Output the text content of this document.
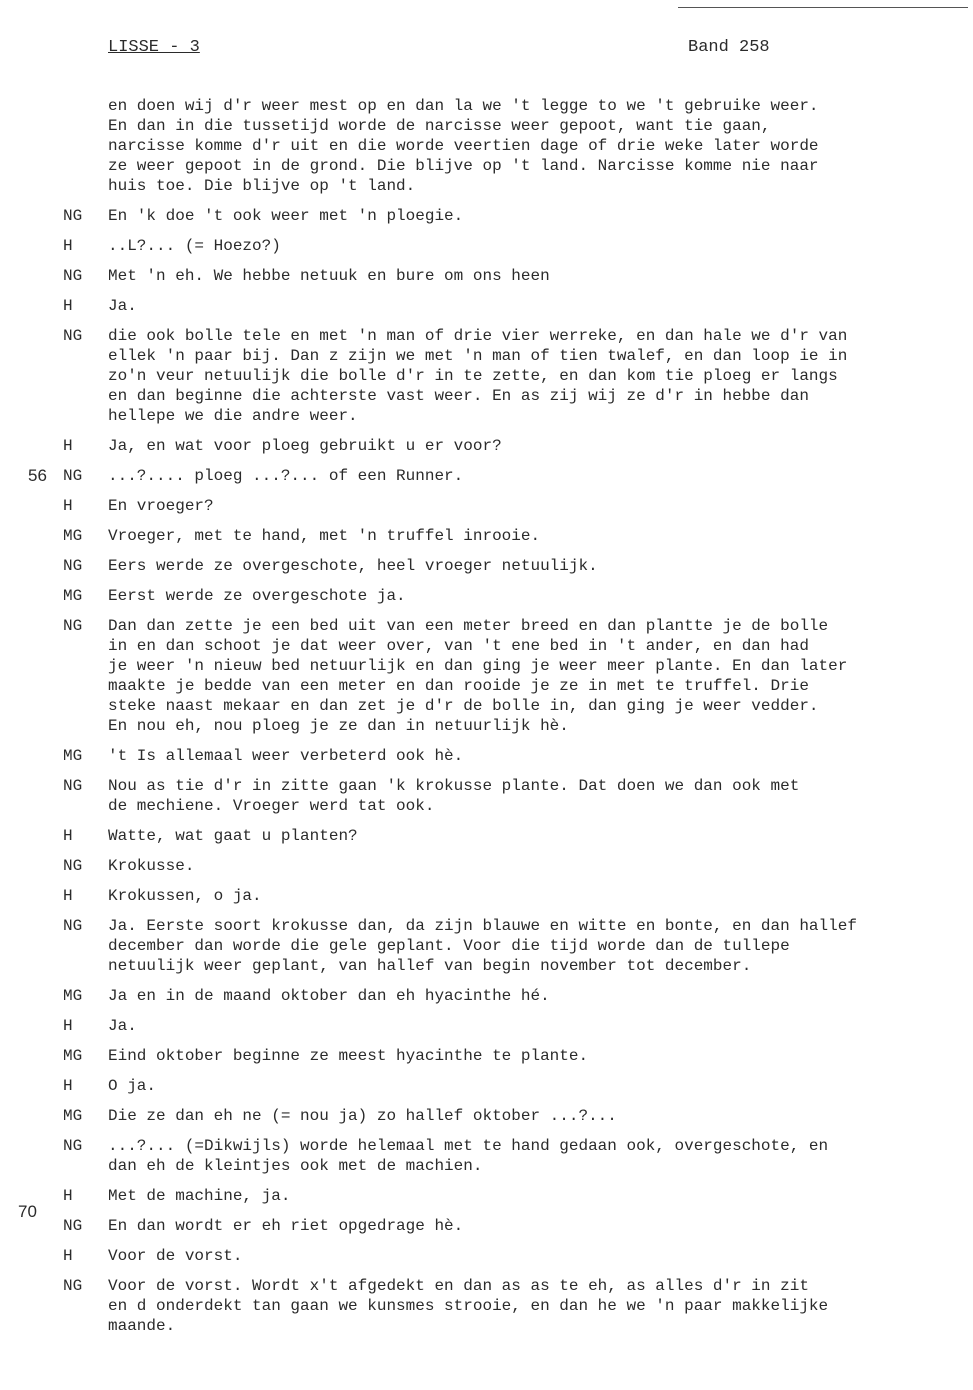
LISSE - 3	Band 258
en doen wij d'r weer mest op en dan la we 't legge to we 't gebruike weer.
En dan in die tussetijd worde de narcisse weer gepoot, want tie gaan,
narcisse komme d'r uit en die worde veertien dage of drie weke later worde
ze weer gepoot in de grond. Die blijve op 't land. Narcisse komme nie naar
huis toe. Die blijve op 't land.
NG En 'k doe 't ook weer met 'n ploegie.
H ..L?... (= Hoezo?)
NG Met 'n eh. We hebbe netuuk en bure om ons heen
H Ja.
NG die ook bolle tele en met 'n man of drie vier werreke, en dan hale we d'r van
ellek 'n paar bij. Dan z zijn we met 'n man of tien twalef, en dan loop ie in
zo'n veur netuulijk die bolle d'r in te zette, en dan kom tie ploeg er langs
en dan beginne die achterste vast weer. En as zij wij ze d'r in hebbe dan
hellepe we die andre weer.
H Ja, en wat voor ploeg gebruikt u er voor?
56 NG ...?.... ploeg ...?... of een Runner.
H En vroeger?
MG Vroeger, met te hand, met 'n truffel inrooie.
NG Eers werde ze overgeschote, heel vroeger netuulijk.
MG Eerst werde ze overgeschote ja.
NG Dan dan zette je een bed uit van een meter breed en dan plantte je de bolle
in en dan schoot je dat weer over, van 't ene bed in 't ander, en dan had
je weer 'n nieuw bed netuurlijk en dan ging je weer meer plante. En dan later
maakte je bedde van een meter en dan rooide je ze in met te truffel. Drie
steke naast mekaar en dan zet je d'r de bolle in, dan ging je weer vedder.
En nou eh, nou ploeg je ze dan in netuurlijk hè.
MG 't Is allemaal weer verbeterd ook hè.
NG Nou as tie d'r in zitte gaan 'k krokusse plante. Dat doen we dan ook met
de mechiene. Vroeger werd tat ook.
H Watte, wat gaat u planten?
NG Krokusse.
H Krokussen, o ja.
NG Ja. Eerste soort krokusse dan, da zijn blauwe en witte en bonte, en dan hallef
december dan worde die gele geplant. Voor die tijd worde dan de tullepe
netuulijk weer geplant, van hallef van begin november tot december.
MG Ja en in de maand oktober dan eh hyacinthe hé.
H Ja.
MG Eind oktober beginne ze meest hyacinthe te plante.
H O ja.
MG Die ze dan eh ne (= nou ja) zo hallef oktober ...?...
NG ...?... (=Dikwijls) worde helemaal met te hand gedaan ook, overgeschote, en
dan eh de kleintjes ook met de machien.
H Met de machine, ja.
70
NG En dan wordt er eh riet opgedrage hè.
H Voor de vorst.
NG Voor de vorst. Wordt x't afgedekt en dan as as te eh, as alles d'r in zit
en d onderdekt tan gaan we kunsmes strooie, en dan he we 'n paar makkelijke
maande.
